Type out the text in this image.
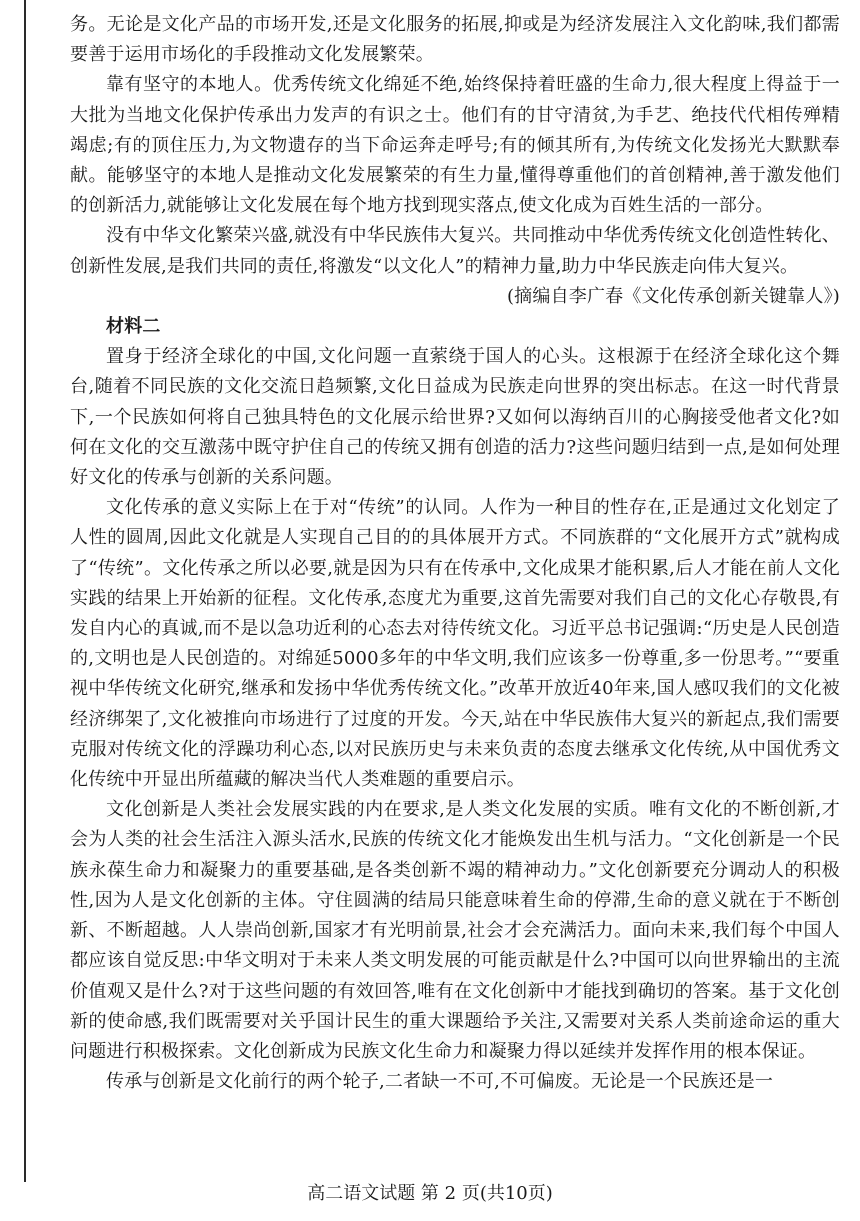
务。无论是文化产品的市场开发,还是文化服务的拓展,抑或是为经济发展注入文化韵味,我们都需要善于运用市场化的手段推动文化发展繁荣。

靠有坚守的本地人。优秀传统文化绵延不绝,始终保持着旺盛的生命力,很大程度上得益于一大批为当地文化保护传承出力发声的有识之士。他们有的甘守清贫,为手艺、绝技代代相传殚精竭虑;有的顶住压力,为文物遗存的当下命运奔走呼号;有的倾其所有,为传统文化发扬光大默默奉献。能够坚守的本地人是推动文化发展繁荣的有生力量,懂得尊重他们的首创精神,善于激发他们的创新活力,就能够让文化发展在每个地方找到现实落点,使文化成为百姓生活的一部分。

没有中华文化繁荣兴盛,就没有中华民族伟大复兴。共同推动中华优秀传统文化创造性转化、创新性发展,是我们共同的责任,将激发“以文化人”的精神力量,助力中华民族走向伟大复兴。

(摘编自李广春《文化传承创新关键靠人》)

材料二

置身于经济全球化的中国,文化问题一直萦绕于国人的心头。这根源于在经济全球化这个舞台,随着不同民族的文化交流日趋频繁,文化日益成为民族走向世界的突出标志。在这一时代背景下,一个民族如何将自己独具特色的文化展示给世界?又如何以海纳百川的心胸接受他者文化?如何在文化的交互激荡中既守护住自己的传统又拥有创造的活力?这些问题归结到一点,是如何处理好文化的传承与创新的关系问题。

文化传承的意义实际上在于对“传统”的认同。人作为一种目的性存在,正是通过文化划定了人性的圆周,因此文化就是人实现自己目的的具体展开方式。不同族群的“文化展开方式”就构成了“传统”。文化传承之所以必要,就是因为只有在传承中,文化成果才能积累,后人才能在前人文化实践的结果上开始新的征程。文化传承,态度尤为重要,这首先需要对我们自己的文化心存敬畏,有发自内心的真诚,而不是以急功近利的心态去对待传统文化。习近平总书记强调:“历史是人民创造的,文明也是人民创造的。对绵延5000多年的中华文明,我们应该多一份尊重,多一份思考。”“要重视中华传统文化研究,继承和发扬中华优秀传统文化。”改革开放近40年来,国人感叹我们的文化被经济绑架了,文化被推向市场进行了过度的开发。今天,站在中华民族伟大复兴的新起点,我们需要克服对传统文化的浮躁功利心态,以对民族历史与未来负责的态度去继承文化传统,从中国优秀文化传统中开显出所蕴藏的解决当代人类难题的重要启示。

文化创新是人类社会发展实践的内在要求,是人类文化发展的实质。唯有文化的不断创新,才会为人类的社会生活注入源头活水,民族的传统文化才能焕发出生机与活力。“文化创新是一个民族永葆生命力和凝聚力的重要基础,是各类创新不竭的精神动力。”文化创新要充分调动人的积极性,因为人是文化创新的主体。守住圆满的结局只能意味着生命的停滞,生命的意义就在于不断创新、不断超越。人人崇尚创新,国家才有光明前景,社会才会充满活力。面向未来,我们每个中国人都应该自觉反思:中华文明对于未来人类文明发展的可能贡献是什么?中国可以向世界输出的主流价值观又是什么?对于这些问题的有效回答,唯有在文化创新中才能找到确切的答案。基于文化创新的使命感,我们既需要对关乎国计民生的重大课题给予关注,又需要对关系人类前途命运的重大问题进行积极探索。文化创新成为民族文化生命力和凝聚力得以延续并发挥作用的根本保证。

传承与创新是文化前行的两个轮子,二者缺一不可,不可偏废。无论是一个民族还是一

高二语文试题 第 2 页(共10页)
